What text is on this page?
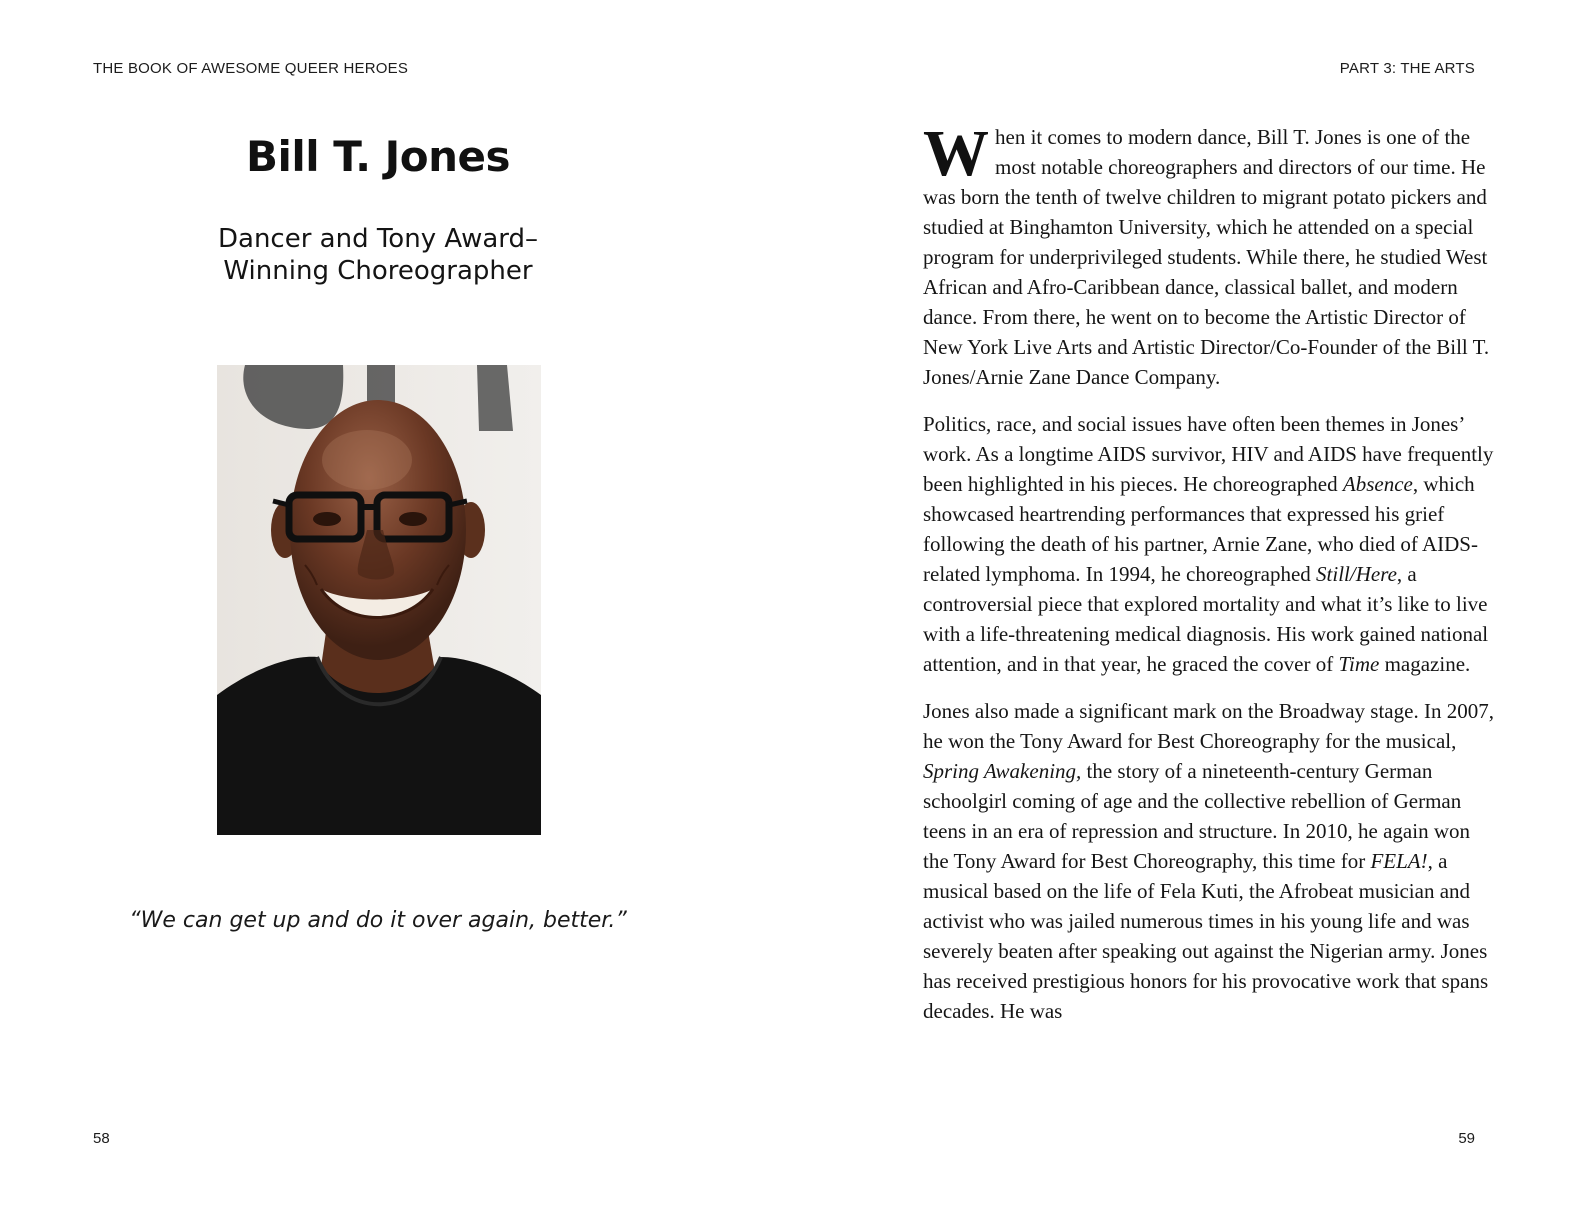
THE BOOK OF AWESOME QUEER HEROES	PART 3: THE ARTS
Bill T. Jones
Dancer and Tony Award–
Winning Choreographer
“We can get up and do it over again, better.”

When it comes to modern dance, Bill T. Jones is one of the most notable choreographers and directors of our time. He was born the tenth of twelve children to migrant potato pickers and studied at Binghamton University, which he attended on a special program for underprivileged students. While there, he studied West African and Afro-Caribbean dance, classical ballet, and modern dance. From there, he went on to become the Artistic Director of New York Live Arts and Artistic Director/Co-Founder of the Bill T. Jones/Arnie Zane Dance Company.

Politics, race, and social issues have often been themes in Jones’ work. As a longtime AIDS survivor, HIV and AIDS have frequently been highlighted in his pieces. He choreographed Absence, which showcased heartrending performances that expressed his grief following the death of his partner, Arnie Zane, who died of AIDS-related lymphoma. In 1994, he choreographed Still/Here, a controversial piece that explored mortality and what it’s like to live with a life-threatening medical diagnosis. His work gained national attention, and in that year, he graced the cover of Time magazine.

Jones also made a significant mark on the Broadway stage. In 2007, he won the Tony Award for Best Choreography for the musical, Spring Awakening, the story of a nineteenth-century German schoolgirl coming of age and the collective rebellion of German teens in an era of repression and structure. In 2010, he again won the Tony Award for Best Choreography, this time for FELA!, a musical based on the life of Fela Kuti, the Afrobeat musician and activist who was jailed numerous times in his young life and was severely beaten after speaking out against the Nigerian army. Jones has received prestigious honors for his provocative work that spans decades. He was

58	59
